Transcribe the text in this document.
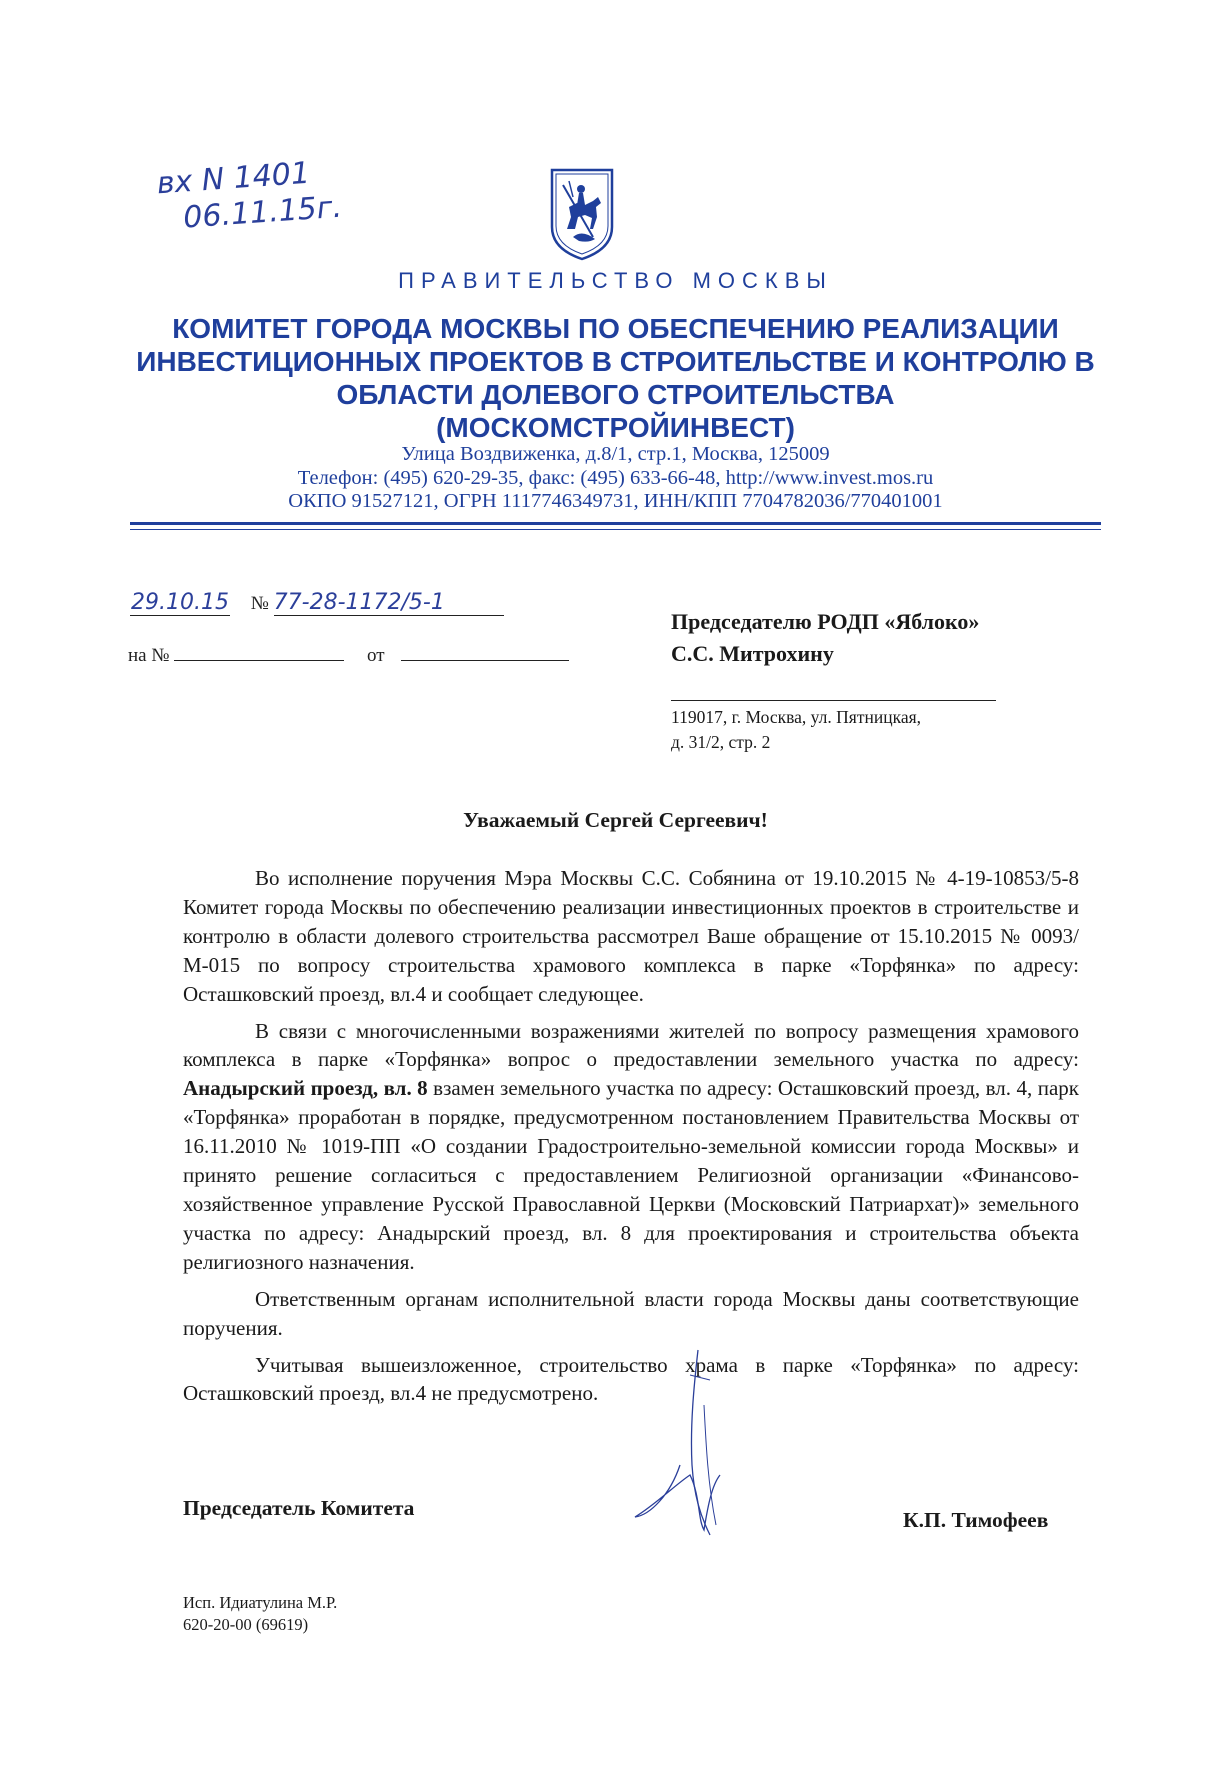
вх N 1401
06.11.15г.
ПРАВИТЕЛЬСТВО МОСКВЫ
КОМИТЕТ ГОРОДА МОСКВЫ ПО ОБЕСПЕЧЕНИЮ РЕАЛИЗАЦИИ
ИНВЕСТИЦИОННЫХ ПРОЕКТОВ В СТРОИТЕЛЬСТВЕ И КОНТРОЛЮ В
ОБЛАСТИ ДОЛЕВОГО СТРОИТЕЛЬСТВА
(МОСКОМСТРОЙИНВЕСТ)
Улица Воздвиженка, д.8/1, стр.1, Москва, 125009
Телефон: (495) 620-29-35, факс: (495) 633-66-48, http://www.invest.mos.ru
ОКПО 91527121, ОГРН 1117746349731, ИНН/КПП 7704782036/770401001
29.10.15 № 77-28-1172/5-1
на №	от
Председателю РОДП «Яблоко»
С.С. Митрохину
119017, г. Москва, ул. Пятницкая,
д. 31/2, стр. 2
Уважаемый Сергей Сергеевич!

Во исполнение поручения Мэра Москвы С.С. Собянина от 19.10.2015 № 4-19-10853/5-8 Комитет города Москвы по обеспечению реализации инвестиционных проектов в строительстве и контролю в области долевого строительства рассмотрел Ваше обращение от 15.10.2015 № 0093/М-015 по вопросу строительства храмового комплекса в парке «Торфянка» по адресу: Осташковский проезд, вл.4 и сообщает следующее.

В связи с многочисленными возражениями жителей по вопросу размещения храмового комплекса в парке «Торфянка» вопрос о предоставлении земельного участка по адресу: Анадырский проезд, вл. 8 взамен земельного участка по адресу: Осташковский проезд, вл. 4, парк «Торфянка» проработан в порядке, предусмотренном постановлением Правительства Москвы от 16.11.2010 № 1019-ПП «О создании Градостроительно-земельной комиссии города Москвы» и принято решение согласиться с предоставлением Религиозной организации «Финансово-хозяйственное управление Русской Православной Церкви (Московский Патриархат)» земельного участка по адресу: Анадырский проезд, вл. 8 для проектирования и строительства объекта религиозного назначения.

Ответственным органам исполнительной власти города Москвы даны соответствующие поручения.

Учитывая вышеизложенное, строительство храма в парке «Торфянка» по адресу: Осташковский проезд, вл.4 не предусмотрено.

Председатель Комитета	К.П. Тимофеев
Исп. Идиатулина М.Р.
620-20-00 (69619)
